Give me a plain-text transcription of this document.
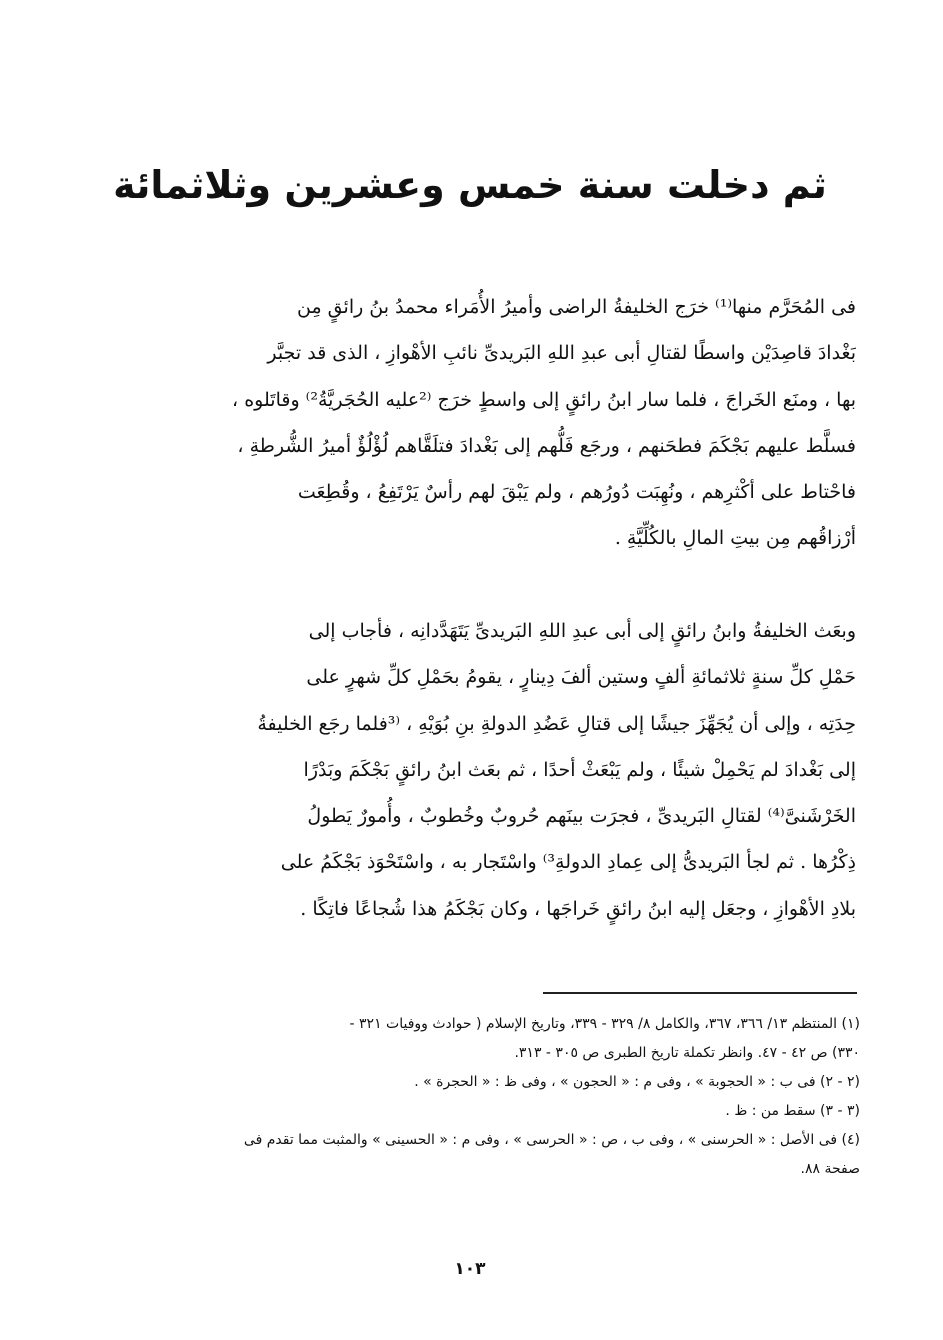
ثم دخلت سنة خمس وعشرين وثلاثمائة
فى المُحَرَّم منها⁽¹⁾ خرَج الخليفةُ الراضى وأميرُ الأُمَراء محمدُ بنُ رائقٍ مِن
بَغْدادَ قاصِدَيْن واسطًا لقتالِ أبى عبدِ اللهِ البَريدىِّ نائبِ الأهْوازِ ، الذى قد تجبَّر
بها ، ومنَع الخَراجَ ، فلما سار ابنُ رائقٍ إلى واسطٍ خرَج ⁽²عليه الحُجَريَّةُ²⁾ وقاتَلوه ،
فسلَّط عليهم بَجْكَمَ فطحَنهم ، ورجَع فَلُّهم إلى بَغْدادَ فتلَقَّاهم لُؤْلُؤٌ أميرُ الشُّرطةِ ،
فاحْتاط على أكْثرِهم ، ونُهِبَت دُورُهم ، ولم يَبْقَ لهم رأسٌ يَرْتَفِعُ ، وقُطِعَت
أرْزاقُهم مِن بيتِ المالِ بالكُلِّيَّةِ .
وبعَث الخليفةُ وابنُ رائقٍ إلى أبى عبدِ اللهِ البَريدىِّ يَتَهَدَّدانِه ، فأجاب إلى
حَمْلِ كلِّ سنةٍ ثلاثمائةِ ألفٍ وستين ألفَ دِينارٍ ، يقومُ بحَمْلِ كلِّ شهرٍ على
حِدَتِه ، وإلى أن يُجَهِّزَ جيشًا إلى قتالِ عَضُدِ الدولةِ بنِ بُوَيْهِ ، ⁽³فلما رجَع الخليفةُ
إلى بَغْدادَ لم يَحْمِلْ شيئًا ، ولم يَبْعَثْ أحدًا ، ثم بعَث ابنُ رائقٍ بَجْكَمَ وبَدْرًا
الخَرْشَنىَّ⁽⁴⁾ لقتالِ البَريدىِّ ، فجرَت بينَهم حُروبٌ وخُطوبٌ ، وأُمورٌ يَطولُ
ذِكْرُها . ثم لجأ البَريدىُّ إلى عِمادِ الدولةِ³⁾ واسْتَجار به ، واسْتَحْوَذ بَجْكَمُ على
بلادِ الأهْوازِ ، وجعَل إليه ابنُ رائقٍ خَراجَها ، وكان بَجْكَمُ هذا شُجاعًا فاتِكًا .
(١) المنتظم ١٣/ ٣٦٦، ٣٦٧، والكامل ٨/ ٣٢٩ - ٣٣٩، وتاريخ الإسلام ( حوادث ووفيات ٣٢١ -
٣٣٠) ص ٤٢ - ٤٧. وانظر تكملة تاريخ الطبرى ص ٣٠٥ - ٣١٣.
(٢ - ٢) فى ب : « الحجوبة » ، وفى م : « الحجون » ، وفى ظ : « الحجرة » .
(٣ - ٣) سقط من : ظ .
(٤) فى الأصل : « الحرسنى » ، وفى ب ، ص : « الحرسى » ، وفى م : « الحسينى » والمثبت مما تقدم فى
صفحة ٨٨.
١٠٣
